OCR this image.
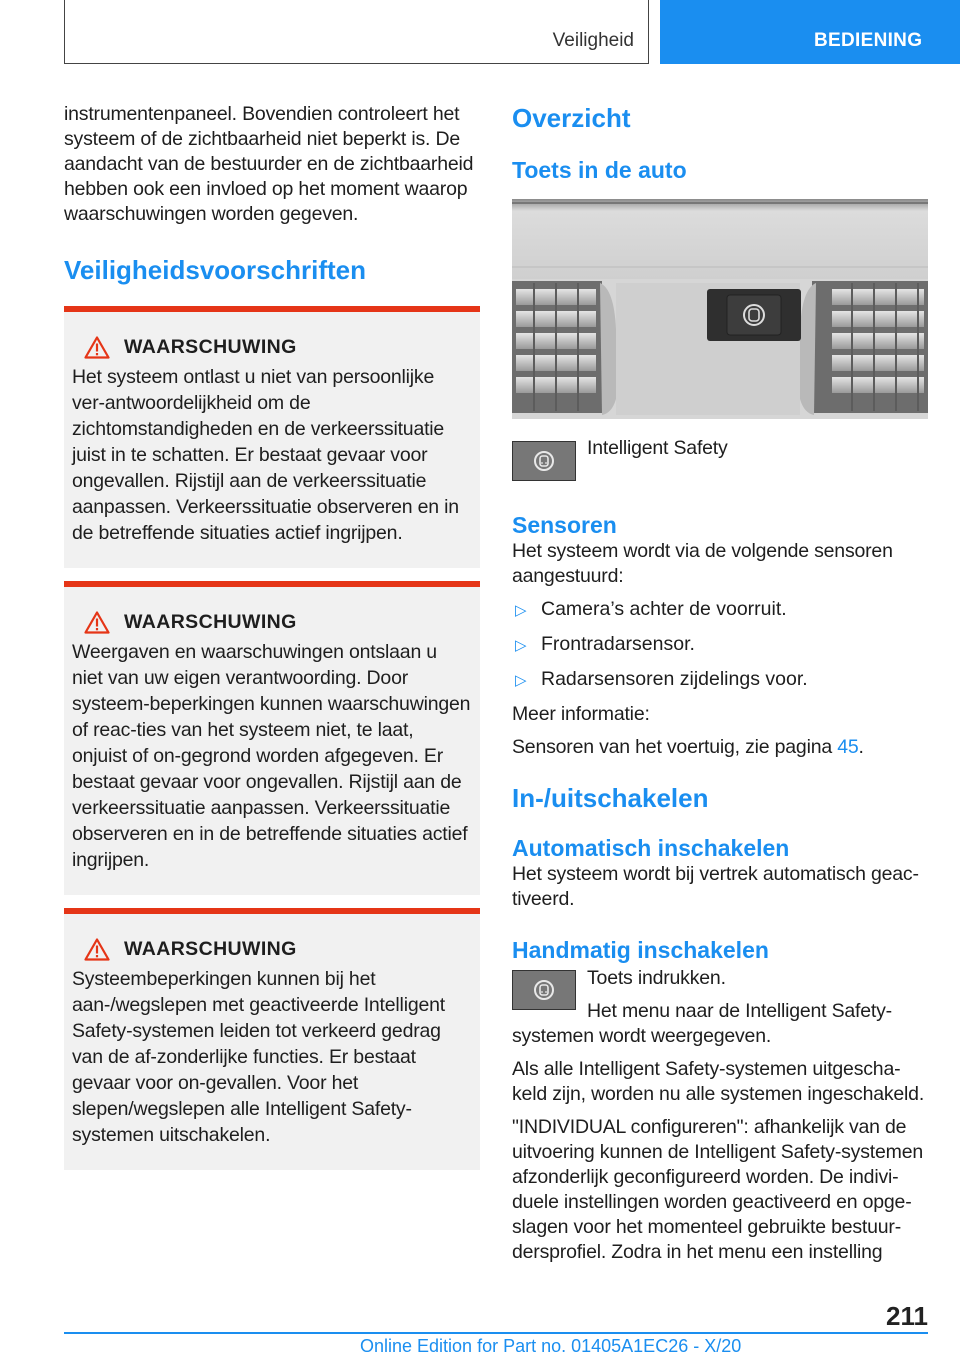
Veiligheid	BEDIENING

instrumentenpaneel. Bovendien controleert het systeem of de zichtbaarheid niet beperkt is. De aandacht van de bestuurder en de zichtbaarheid hebben ook een invloed op het moment waarop waarschuwingen worden gegeven.

Veiligheidsvoorschriften
WAARSCHUWING

Het systeem ontlast u niet van persoonlijke ver‐antwoordelijkheid om de zichtomstandigheden en de verkeerssituatie juist in te schatten. Er bestaat gevaar voor ongevallen. Rijstijl aan de verkeerssituatie aanpassen. Verkeerssituatie observeren en in de betreffende situaties actief ingrijpen.

WAARSCHUWING

Weergaven en waarschuwingen ontslaan u niet van uw eigen verantwoording. Door systeem‐beperkingen kunnen waarschuwingen of reac‐ties van het systeem niet, te laat, onjuist of on‐gegrond worden afgegeven. Er bestaat gevaar voor ongevallen. Rijstijl aan de verkeerssituatie aanpassen. Verkeerssituatie observeren en in de betreffende situaties actief ingrijpen.

WAARSCHUWING

Systeembeperkingen kunnen bij het aan-/wegslepen met geactiveerde Intelligent Safety-systemen leiden tot verkeerd gedrag van de af‐zonderlijke functies. Er bestaat gevaar voor on‐gevallen. Voor het slepen/wegslepen alle Intelligent Safety-systemen uitschakelen.

Overzicht
Toets in de auto

Intelligent Safety

Sensoren

Het systeem wordt via de volgende sensoren aangestuurd:

▷ Camera’s achter de voorruit.
▷ Frontradarsensor.
▷ Radarsensoren zijdelings voor.

Meer informatie:

Sensoren van het voertuig, zie pagina 45.

In-/uitschakelen
Automatisch inschakelen

Het systeem wordt bij vertrek automatisch geac‐tiveerd.

Handmatig inschakelen

Toets indrukken.

Het menu naar de Intelligent Safety-systemen wordt weergegeven.

Als alle Intelligent Safety-systemen uitgescha‐keld zijn, worden nu alle systemen ingeschakeld.

"INDIVIDUAL configureren": afhankelijk van de uitvoering kunnen de Intelligent Safety-systemen afzonderlijk geconfigureerd worden. De indivi‐duele instellingen worden geactiveerd en opge‐slagen voor het momenteel gebruikte bestuur‐dersprofiel. Zodra in het menu een instelling

211
Online Edition for Part no. 01405A1EC26 - X/20
